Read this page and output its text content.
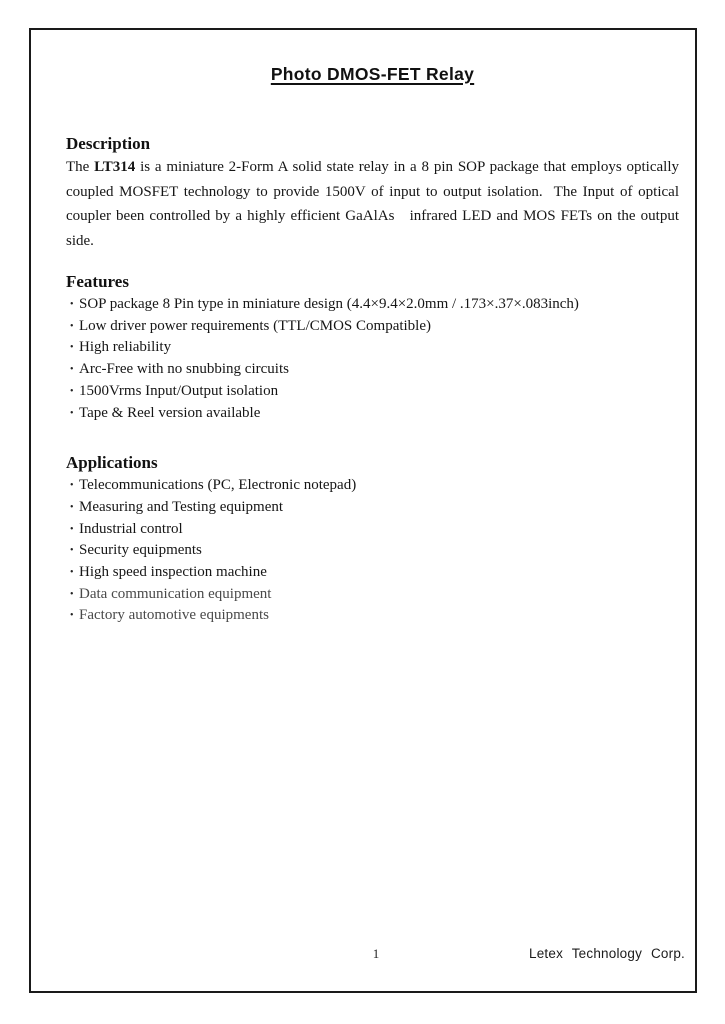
Photo DMOS-FET Relay
Description

The LT314 is a miniature 2-Form A solid state relay in a 8 pin SOP package that employs optically coupled MOSFET technology to provide 1500V of input to output isolation.  The Input of optical coupler been controlled by a highly efficient GaAlAs   infrared LED and MOS FETs on the output side.

Features
• SOP package 8 Pin type in miniature design (4.4×9.4×2.0mm / .173×.37×.083inch)
• Low driver power requirements (TTL/CMOS Compatible)
• High reliability
• Arc-Free with no snubbing circuits
• 1500Vrms Input/Output isolation
• Tape & Reel version available
Applications
• Telecommunications (PC, Electronic notepad)
• Measuring and Testing equipment
• Industrial control
• Security equipments
• High speed inspection machine
• Data communication equipment
• Factory automotive equipments
1	Letex Technology Corp.
